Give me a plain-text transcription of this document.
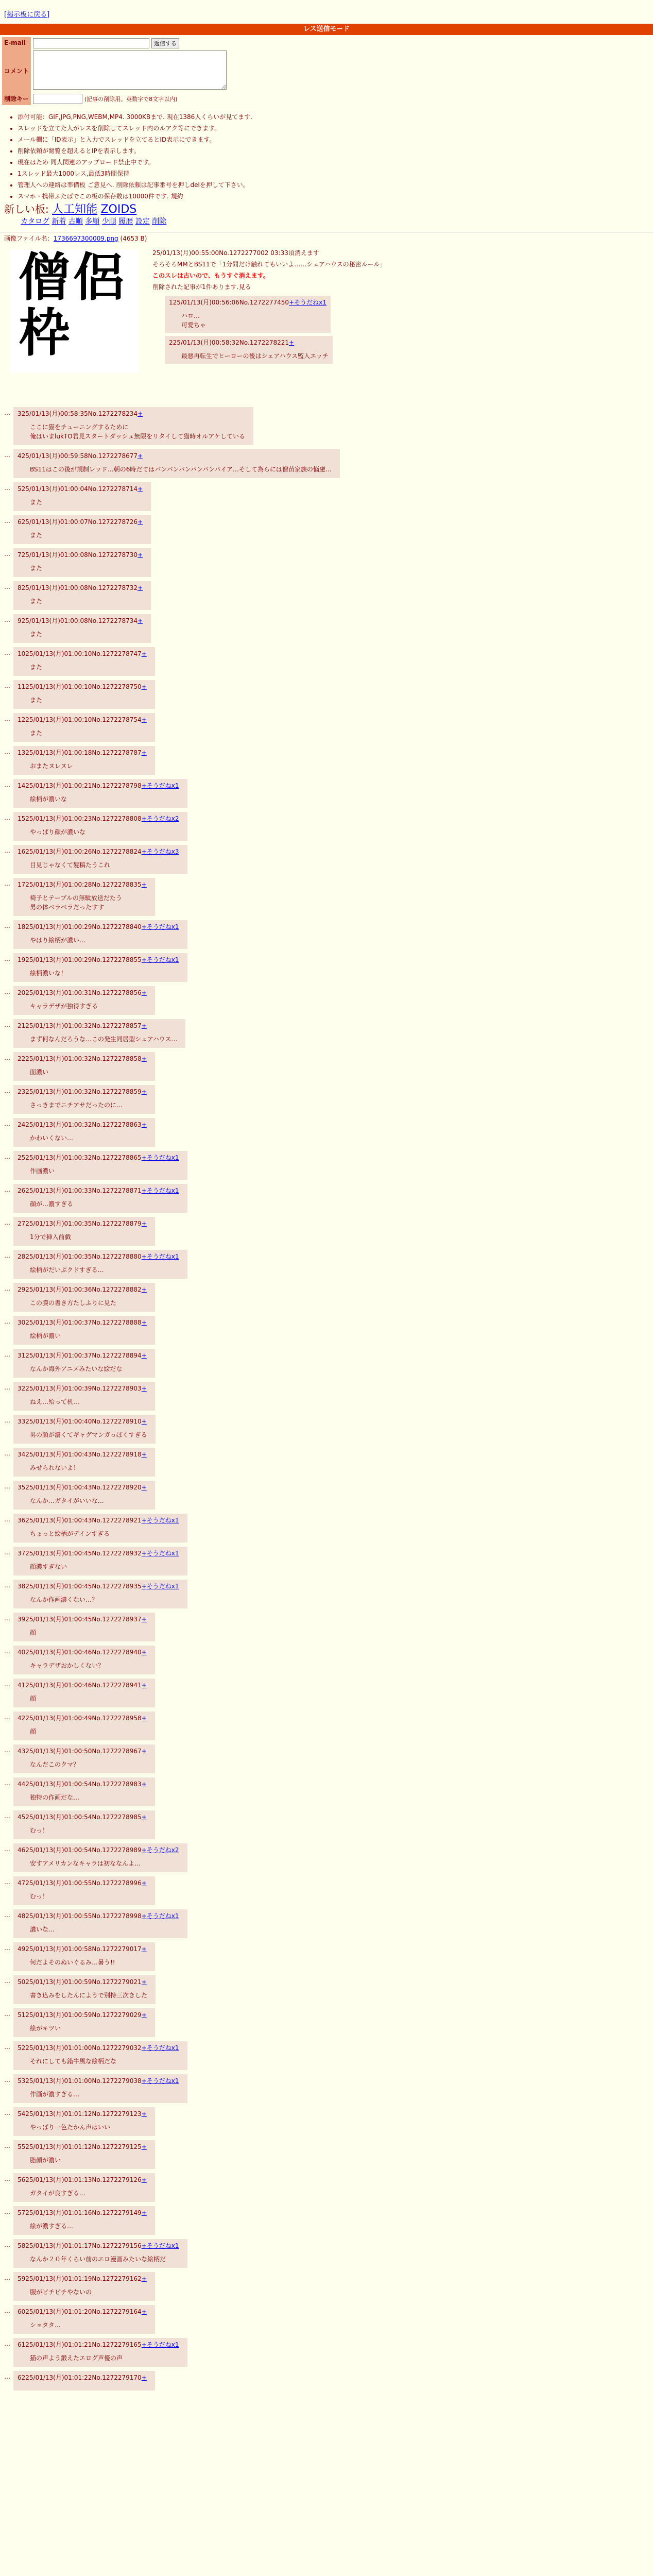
[掲示板に戻る]
レス送信モード
E-mail	返信する
コメント	
削除キー	(記事の削除用。英数字で8文字以内)
• 添付可能：GIF,JPG,PNG,WEBM,MP4. 3000KBまで. 現在1386人くらいが見てます.
• スレッドを立てた人がレスを削除してスレッド内のルアク等にできます。
• メール欄に「ID表示」と入力でスレッドを立てるとID表示にできます。
• 削除依頼が閲覧を超えるとIPを表示します。
• 現在はため 同人関連のアップロード禁止中です。
• 1スレッド最大1000レス,最低3時間保持
• 管理人への連絡は準備板 ご意見へ. 削除依頼は記事番号を押しdelを押して下さい。
• スマホ・携帯ふたばでこの板の保存数は10000件です. 規約
新しい板: 人工知能 ZOIDS
カタログ 新着 古順 多順 少順 履歴 設定 削除
画像ファイル名：1736697300009.png (4653 B)
僧侶枠
25/01/13(月)00:55:00No.1272277002 03:33頃消えます
そろそろMMとBS11で「1分間だけ触れてもいいよ……シェアハウスの秘密ルール」
このスレは古いので、もうすぐ消えます。
削除された記事が1件あります.見る
125/01/13(月)00:56:06No.1272277450+そうだねx1
ハロ…
可愛ちゃ

225/01/13(月)00:58:32No.1272278221+
最悪再転生でヒーローの後はシェアハウス監入エッチ

…	325/01/13(月)00:58:35No.1272278234+
ここに猫をチューニングするために
俺はいまlukTO君見スタートダッシュ無限をリタイして猫時オルアケしている
…	425/01/13(月)00:59:58No.1272278677+
BS11はこの後が規制レッド…朝の6時だてはバンバンバンバンバンパイア…そして為らには僧苗家族の悩慮…
…	525/01/13(月)01:00:04No.1272278714+
また
…	625/01/13(月)01:00:07No.1272278726+
また
…	725/01/13(月)01:00:08No.1272278730+
また
…	825/01/13(月)01:00:08No.1272278732+
また
…	925/01/13(月)01:00:08No.1272278734+
また
…	1025/01/13(月)01:00:10No.1272278747+
また
…	1125/01/13(月)01:00:10No.1272278750+
また
…	1225/01/13(月)01:00:10No.1272278754+
また
…	1325/01/13(月)01:00:18No.1272278787+
おまたヌレヌレ
…	1425/01/13(月)01:00:21No.1272278798+そうだねx1
絵柄が濃いな
…	1525/01/13(月)01:00:23No.1272278808+そうだねx2
やっぱり顔が濃いな
…	1625/01/13(月)01:00:26No.1272278824+そうだねx3
目見じゃなくて髪稿たうこれ
…	1725/01/13(月)01:00:28No.1272278835+
椅子とテーブルの無駄放送だたう
男の体ベラベラだったすす
…	1825/01/13(月)01:00:29No.1272278840+そうだねx1
やはり絵柄が濃い…
…	1925/01/13(月)01:00:29No.1272278855+そうだねx1
絵柄濃いな！
…	2025/01/13(月)01:00:31No.1272278856+
キャラデザが独得すぎる
…	2125/01/13(月)01:00:32No.1272278857+
まず何なんだろうな…この発生同居型シェアハウス…
…	2225/01/13(月)01:00:32No.1272278858+
面濃い
…	2325/01/13(月)01:00:32No.1272278859+
さっきまでニチアサだったのに…
…	2425/01/13(月)01:00:32No.1272278863+
かわいくない…
…	2525/01/13(月)01:00:32No.1272278865+そうだねx1
作画濃い
…	2625/01/13(月)01:00:33No.1272278871+そうだねx1
顔が…濃すぎる
…	2725/01/13(月)01:00:35No.1272278879+
1分で挿入前戯
…	2825/01/13(月)01:00:35No.1272278880+そうだねx1
絵柄がだいぶクドすぎる…
…	2925/01/13(月)01:00:36No.1272278882+
この膜の書き方たしふりに見た
…	3025/01/13(月)01:00:37No.1272278888+
絵柄が濃い
…	3125/01/13(月)01:00:37No.1272278894+
なんか海外アニメみたいな絵だな
…	3225/01/13(月)01:00:39No.1272278903+
ねえ…殆って机…
…	3325/01/13(月)01:00:40No.1272278910+
男の顔が濃くてギャグマンガっぽくすぎる
…	3425/01/13(月)01:00:43No.1272278918+
みせられないよ！
…	3525/01/13(月)01:00:43No.1272278920+
なんか…ガタイがいいな…
…	3625/01/13(月)01:00:43No.1272278921+そうだねx1
ちょっと絵柄がデインすぎる
…	3725/01/13(月)01:00:45No.1272278932+そうだねx1
顔濃すぎない
…	3825/01/13(月)01:00:45No.1272278935+そうだねx1
なんか作画濃くない…？
…	3925/01/13(月)01:00:45No.1272278937+
顔
…	4025/01/13(月)01:00:46No.1272278940+
キャラデザおかしくない？
…	4125/01/13(月)01:00:46No.1272278941+
顔
…	4225/01/13(月)01:00:49No.1272278958+
顔
…	4325/01/13(月)01:00:50No.1272278967+
なんだこのクマ？
…	4425/01/13(月)01:00:54No.1272278983+
独特の作画だな…
…	4525/01/13(月)01:00:54No.1272278985+
むっ！
…	4625/01/13(月)01:00:54No.1272278989+そうだねx2
安すアメリカンなキャラは初ななんよ…
…	4725/01/13(月)01:00:55No.1272278996+
むっ！
…	4825/01/13(月)01:00:55No.1272278998+そうだねx1
濃いな…
…	4925/01/13(月)01:00:58No.1272279017+
何だよそのぬいぐるみ…暑う!!
…	5025/01/13(月)01:00:59No.1272279021+
書き込みをしたんにようで別持三次きした
…	5125/01/13(月)01:00:59No.1272279029+
絵がキツい
…	5225/01/13(月)01:01:00No.1272279032+そうだねx1
それにしても錯牛風な絵柄だな
…	5325/01/13(月)01:01:00No.1272279038+そうだねx1
作画が濃すぎる…
…	5425/01/13(月)01:01:12No.1272279123+
やっぱり一色たかん声はいい
…	5525/01/13(月)01:01:12No.1272279125+
脂顔が濃い
…	5625/01/13(月)01:01:13No.1272279126+
ガタイが良すぎる…
…	5725/01/13(月)01:01:16No.1272279149+
絵が濃すぎる…
…	5825/01/13(月)01:01:17No.1272279156+そうだねx1
なんか２０年くらい前のエロ漫画みたいな絵柄だ
…	5925/01/13(月)01:01:19No.1272279162+
服がピチピチやないの
…	6025/01/13(月)01:01:20No.1272279164+
ショタタ…
…	6125/01/13(月)01:01:21No.1272279165+そうだねx1
猫の声よう鍛えたエログ声優の声
…	6225/01/13(月)01:01:22No.1272279170+
